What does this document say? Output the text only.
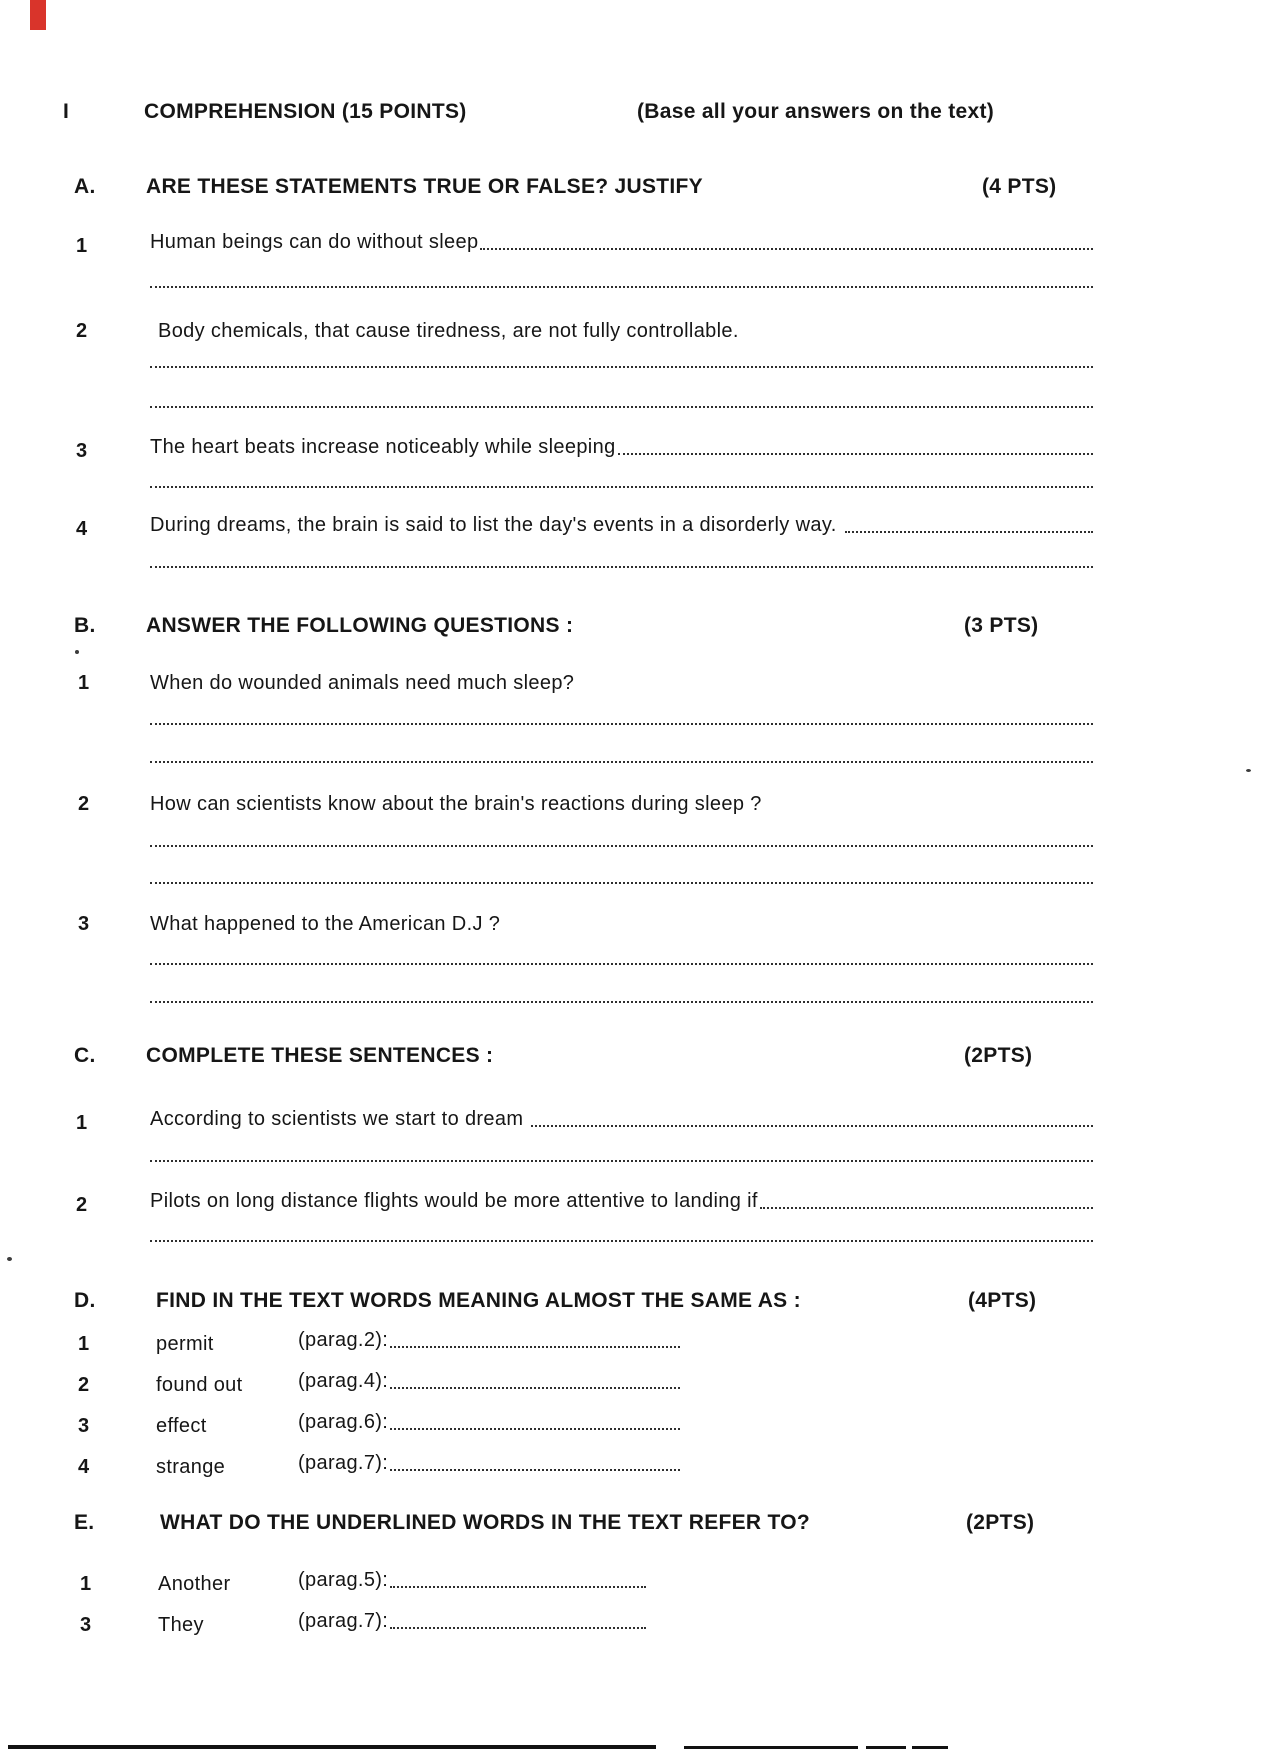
I	COMPREHENSION (15 POINTS)	(Base all your answers on the text)
A. ARE THESE STATEMENTS TRUE OR FALSE? JUSTIFY	(4 PTS)
1	Human beings can do without sleep
2	Body chemicals, that cause tiredness, are not fully controllable.
3	The heart beats increase noticeably while sleeping
4	During dreams, the brain is said to list the day's events in a disorderly way.
B. ANSWER THE FOLLOWING QUESTIONS :	(3 PTS)
1	When do wounded animals need much sleep?
2	How can scientists know about the brain's reactions during sleep ?
3	What happened to the American D.J ?
C. COMPLETE THESE SENTENCES :	(2PTS)
1	According to scientists we start to dream
2	Pilots on long distance flights would be more attentive to landing if
D.	FIND IN THE TEXT WORDS MEANING ALMOST THE SAME AS :	(4PTS)
1	permit	(parag.2):
2	found out	(parag.4):
3	effect	(parag.6):
4	strange	(parag.7):
E.	WHAT DO THE UNDERLINED WORDS IN THE TEXT REFER TO?	(2PTS)
1	Another	(parag.5):
3	They	(parag.7):
